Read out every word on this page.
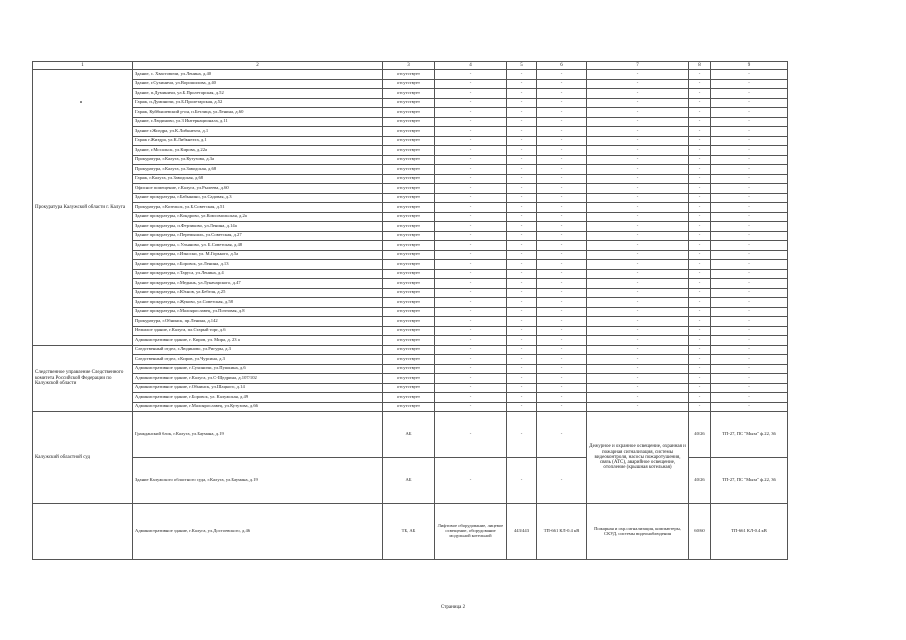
1	2	3	4	5	6	7	8	9
Прокуратура Калужской области г. Калуга	Здание, с. Хвастовичи, ул.Ленина, д.40	отсутствует	-	-	-	-	-	-
	Здание, г.Сухиничи, ул.Ворошилова, д.40	отсутствует	-	-	-	-	-	-
	Здание, п.Думиничи, ул.Б.Пролетарская, д.52	отсутствует	-	-	-	-	-	-
	Гараж, п.Думиничи, ул.Б.Пролетарская, д.52	отсутствует	-	-	-	-	-	-
	Гараж, Куйбышевский р-он, п.Бетлица, ул.Ленина, д.60	отсутствует	-	-	-	-	-	-
	Здание, г.Людиново, ул.3 Интернационала, д.11	отсутствует	-	-	-	-	-	-
	Здание г.Жиздра, ул.К.Либкнехта, д.1	отсутствует	-	-	-	-	-	-
	Гараж г.Жиздра, ул.К.Либкнехта, д.1	отсутствует	-	-	-	-	-	-
	Здание, г.Мосальск, ул.Кирова, д.22а	отсутствует	-	-	-	-	-	-
	Прокуратура, г.Калуга, ул.Кутузова, д.3а	отсутствует	-	-	-	-	-	-
	Прокуратура, г.Калуга, ул.Заводская, д.68	отсутствует	-	-	-	-	-	-
	Гараж, г.Калуга, ул.Заводская, д.68	отсутствует	-	-	-	-	-	-
	Офисное помещение, г.Калуга, ул.Рылеева, д.60	отсутствует	-	-	-	-	-	-
	Здание прокуратуры, г.Бабынино, ул.Садовая, д.3	отсутствует	-	-	-	-	-	-
	Прокуратура, г.Козельск, ул.Б.Советская, д.51	отсутствует	-	-	-	-	-	-
	Здание прокуратуры, г.Кондрово, ул.Комсомольская, д.2а	отсутствует	-	-	-	-	-	-
	Здание прокуратуры, п.Ферзиково, ул.Ленина, д.14а	отсутствует	-	-	-	-	-	-
	Здание прокуратуры, г.Перемышль, ул.Советская, д.27	отсутствует	-	-	-	-	-	-
	Здание прокуратуры, с.Ульяново, ул. Б.Советская, д.48	отсутствует	-	-	-	-	-	-
	Здание прокуратуры, г.Износки, ул. М.Горького, д.5а	отсутствует	-	-	-	-	-	-
	Здание прокуратуры, г.Боровск, ул.Ленина, д.13	отсутствует	-	-	-	-	-	-
	Здание прокуратуры, г.Таруса, ул.Ленина, д.4	отсутствует	-	-	-	-	-	-
	Здание прокуратуры, г.Медынь, ул.Луначарского, д.47	отсутствует	-	-	-	-	-	-
	Здание прокуратуры, г.Юхнов, ул.Бебеля, д.25	отсутствует	-	-	-	-	-	-
	Здание прокуратуры, г.Жуково, ул.Советская, д.58	отсутствует	-	-	-	-	-	-
	Здание прокуратуры, г.Малоярославец, ул.Почтовая, д.8	отсутствует	-	-	-	-	-	-
	Прокуратура, г.Обнинск, пр.Ленина, д.142	отсутствует	-	-	-	-	-	-
	Нежилое здание, г.Калуга, пл.Старый торг, д.6	отсутствует	-	-	-	-	-	-
	Административное здание, г. Киров, ул. Мира, д. 23 а	отсутствует	-	-	-	-	-	-
Следственное управление Следственного комитета Российской Федерации по Калужской области	Следственный отдел, г.Людиново, ул.Ригуры, д.3	отсутствует	-	-	-	-	-	-
	Следственный отдел, г.Киров, ул.Чурсина, д.3	отсутствует	-	-	-	-	-	-
	Административное здание, г.Сухиничи, ул.Пушкина, д.6	отсутствует	-	-	-	-	-	-
	Административное здание, г.Калуга, ул.С-Щедрина, д.107/102	отсутствует	-	-	-	-	-	-
	Административное здание, г.Обнинск, ул.Шацкого, д.14	отсутствует	-	-	-	-	-	-
	Административное здание, г.Боровск, ул. Калужская, д.49	отсутствует	-	-	-	-	-	-
	Административное здание, г.Малоярославец, ул.Кутузова, д.66	отсутствует	-	-	-	-	-	-
Калужский областной суд	Гражданский блок, г.Калуга, ул.Баумана, д.19	АБ	-	-	-	Дежурное и охранное освещение, охранная и пожарная сигнализация, системы видеоконтроля, насосы пожаротушения, связь (АТС), аварийное освещение, отопление (крышная котельная)	40/26	ТП-27, ПС "Мыза" ф.22, 36
	Здание Калужского областного суда, г.Калуга, ул.Баумана, д.19	АБ	-	-	-		40/26	ТП-27, ПС "Мыза" ф.22, 36
	Административное здание, г.Калуга, ул.Достоевского, д.46	ТБ, АБ	Лифтовое оборудование, лицевое освещение, оборудование модульной котельной	443/443	ТП-661 КЛ-0.4 кВ	Пожарная и охр.сигнализация, компьютеры, СКУД, системы видеонаблюдения	60/60	ТП-661 КЛ-0.4 кВ
Страница 2
